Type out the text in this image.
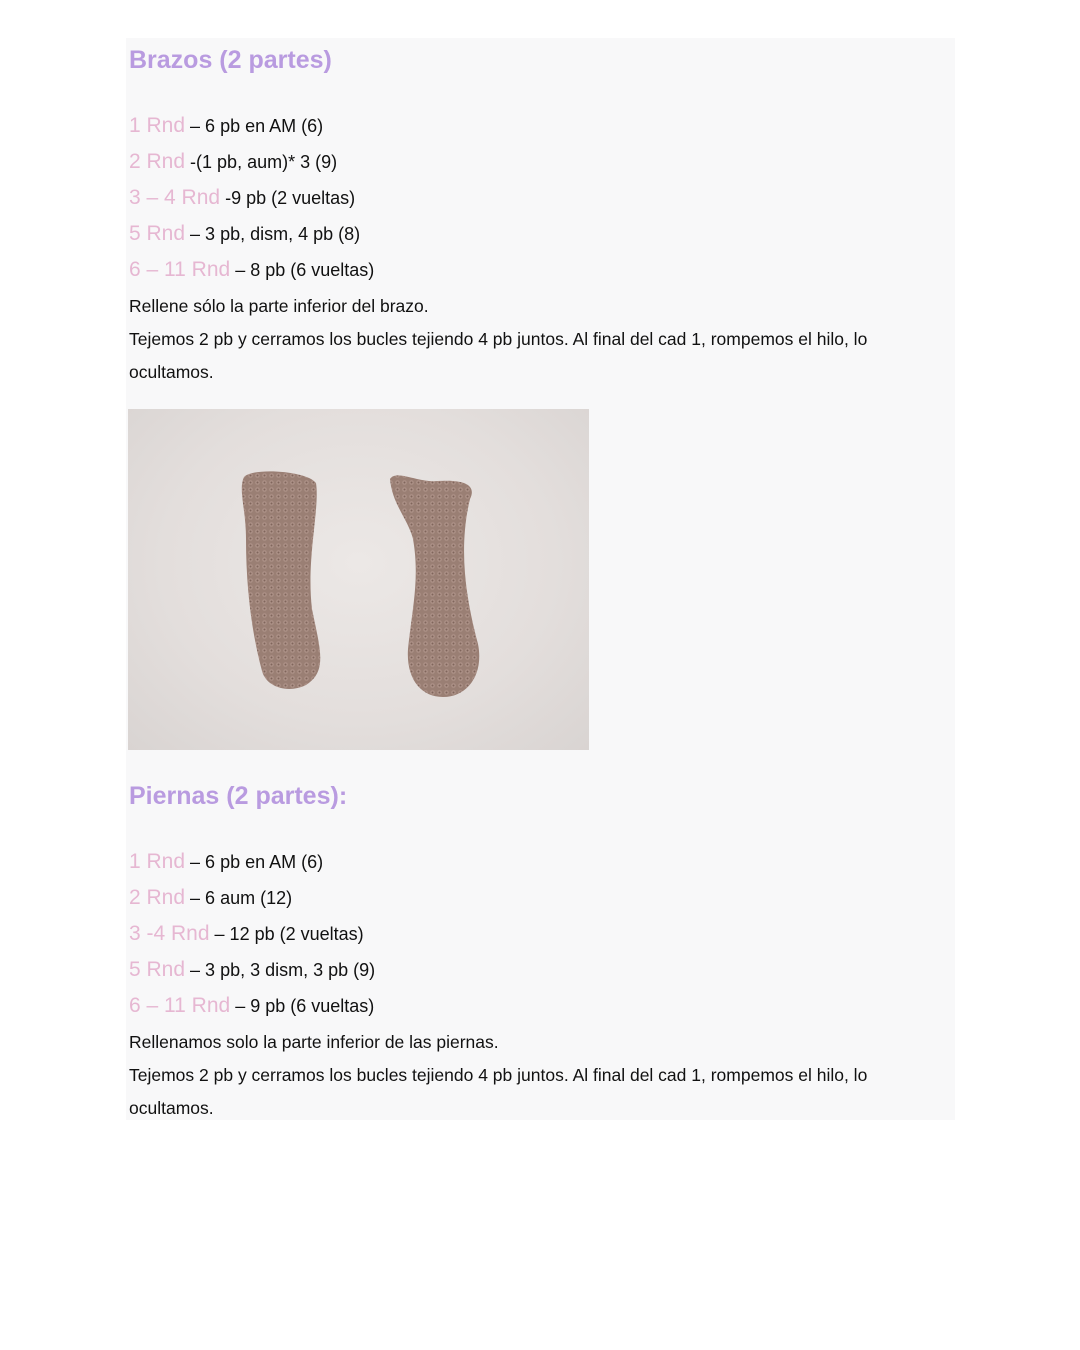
Brazos (2 partes)
1 Rnd – 6 pb en AM (6)
2 Rnd -(1 pb, aum)* 3 (9)
3 – 4 Rnd -9 pb (2 vueltas)
5 Rnd – 3 pb, dism, 4 pb (8)
6 – 11 Rnd – 8 pb (6 vueltas)

Rellene sólo la parte inferior del brazo.

Tejemos 2 pb y cerramos los bucles tejiendo 4 pb juntos. Al final del cad 1, rompemos el hilo, lo ocultamos.

Piernas (2 partes):
1 Rnd – 6 pb en AM (6)
2 Rnd – 6 aum (12)
3 -4 Rnd – 12 pb (2 vueltas)
5 Rnd – 3 pb, 3 dism, 3 pb (9)
6 – 11 Rnd – 9 pb (6 vueltas)

Rellenamos solo la parte inferior de las piernas.

Tejemos 2 pb y cerramos los bucles tejiendo 4 pb juntos. Al final del cad 1, rompemos el hilo, lo ocultamos.
